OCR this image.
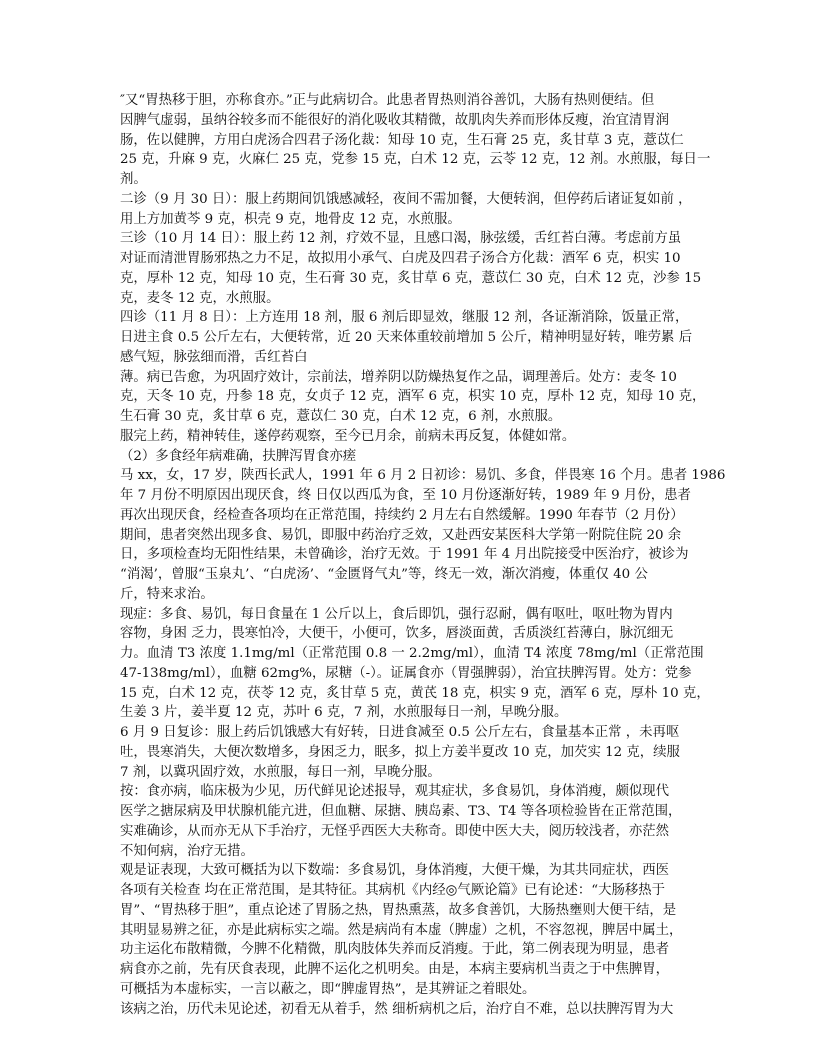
″又“胃热移于胆，亦称食亦。”正与此病切合。此患者胃热则消谷善饥，大肠有热则便结。但
因脾气虚弱，虽纳谷较多而不能很好的消化吸收其精微，故肌肉失养而形体反瘦，治宜清胃润
肠，佐以健脾，方用白虎汤合四君子汤化裁：知母 10 克，生石膏 25 克，炙甘草 3 克，薏苡仁
25 克，升麻 9 克，火麻仁 25 克，党参 15 克，白术 12 克，云苓 12 克，12 剂。水煎服，每日一
剂。
二诊（9 月 30 日）：服上药期间饥饿感减轻，夜间不需加餐，大便转润，但停药后诸证复如前 ，
用上方加黄芩 9 克，枳壳 9 克，地骨皮 12 克，水煎服。
三诊（10 月 14 日）：服上药 12 剂，疗效不显，且感口渴，脉弦缓，舌红苔白薄。考虑前方虽
对证而清泄胃肠邪热之力不足，故拟用小承气、白虎及四君子汤合方化裁：酒军 6 克，枳实 10
克，厚朴 12 克，知母 10 克，生石膏 30 克，炙甘草 6 克，薏苡仁 30 克，白术 12 克，沙参 15
克，麦冬 12 克，水煎服。
四诊（11 月 8 日）：上方连用 18 剂，服 6 剂后即显效，继服 12 剂，各证渐消除，饭量正常，
日进主食 0.5 公斤左右，大便转常，近 20 天来体重较前增加 5 公斤，精神明显好转，唯劳累 后
感气短，脉弦细而滑，舌红苔白
薄。病已告愈，为巩固疗效计，宗前法，增养阴以防燥热复作之品，调理善后。处方：麦冬 10
克，天冬 10 克，丹参 18 克，女贞子 12 克，酒军 6 克，枳实 10 克，厚朴 12 克，知母 10 克，
生石膏 30 克，炙甘草 6 克，薏苡仁 30 克，白术 12 克，6 剂，水煎服。
服完上药，精神转佳，遂停药观察，至今已月余，前病未再反复，体健如常。
（2）多食经年病难确，扶脾泻胃食亦瘥
马 xx，女，17 岁，陕西长武人，1991 年 6 月 2 日初诊：易饥、多食，伴畏寒 16 个月。患者 1986
年 7 月份不明原因出现厌食，终 日仅以西瓜为食，至 10 月份逐渐好转，1989 年 9 月份，患者
再次出现厌食，经检查各项均在正常范围，持续约 2 月左右自然缓解。1990 年春节（2 月份）
期间，患者突然出现多食、易饥，即服中药治疗乏效，又赴西安某医科大学第一附院住院 20 余
日，多项检查均无阳性结果，未曾确诊，治疗无效。于 1991 年 4 月出院接受中医治疗，被诊为
“消渴’，曾服“玉泉丸’、“白虎汤’、“金匮肾气丸”等，终无一效，渐次消瘦，体重仅 40 公
斤，特来求治。
现症：多食、易饥，每日食量在 1 公斤以上，食后即饥，强行忍耐，偶有呕吐，呕吐物为胃内
容物，身困 乏力，畏寒怕冷，大便干，小便可，饮多，唇淡面黄，舌质淡红苔薄白，脉沉细无
力。血清 T3 浓度 1.1mg/ml（正常范围 0.8 一 2.2mg/ml），血清 T4 浓度 78mg/ml（正常范围
47-138mg/ml），血糖 62mg%，尿糖（-）。证属食亦（胃强脾弱），治宜扶脾泻胃。处方：党参
15 克，白术 12 克，茯苓 12 克，炙甘草 5 克，黄芪 18 克，枳实 9 克，酒军 6 克，厚朴 10 克，
生姜 3 片，姜半夏 12 克，苏叶 6 克，7 剂，水煎服每日一剂，早晚分服。
6 月 9 日复诊：服上药后饥饿感大有好转，日进食减至 0.5 公斤左右，食量基本正常 ，未再呕
吐，畏寒消失，大便次数增多，身困乏力，眠多，拟上方姜半夏改 10 克，加芡实 12 克，续服
7 剂，以冀巩固疗效，水煎服，每日一剂，早晚分服。
按：食亦病，临床极为少见，历代鲜见论述报导，观其症状，多食易饥，身体消瘦，颇似现代
医学之搪尿病及甲状腺机能亢进，但血糖、尿搪、胰岛素、T3、T4 等各项检验皆在正常范围，
实难确诊，从而亦无从下手治疗，无怪乎西医大夫称奇。即使中医大夫，阅历较浅者，亦茫然
不知何病，治疗无措。
观是证表现，大致可概括为以下数端：多食易饥，身体消瘦，大便干燥，为其共同症状，西医
各项有关检查 均在正常范围，是其特征。其病机《内经◎气厥论篇》已有论述：“大肠移热于
胃”、“胃热移于胆”，重点论述了胃肠之热，胃热熏蒸，故多食善饥，大肠热壅则大便干结，是
其明显易辨之征，亦是此病标实之端。然是病尚有本虚（脾虚）之机，不容忽视，脾居中属土，
功主运化布散精微，今脾不化精微，肌肉肢体失养而反消瘦。于此，第二例表现为明显，患者
病食亦之前，先有厌食表现，此脾不运化之机明矣。由是，本病主要病机当责之于中焦脾胃，
可概括为本虚标实，一言以蔽之，即“脾虚胃热”，是其辨证之着眼处。
该病之治，历代未见论述，初看无从着手，然 细析病机之后，治疗自不难，总以扶脾泻胃为大
